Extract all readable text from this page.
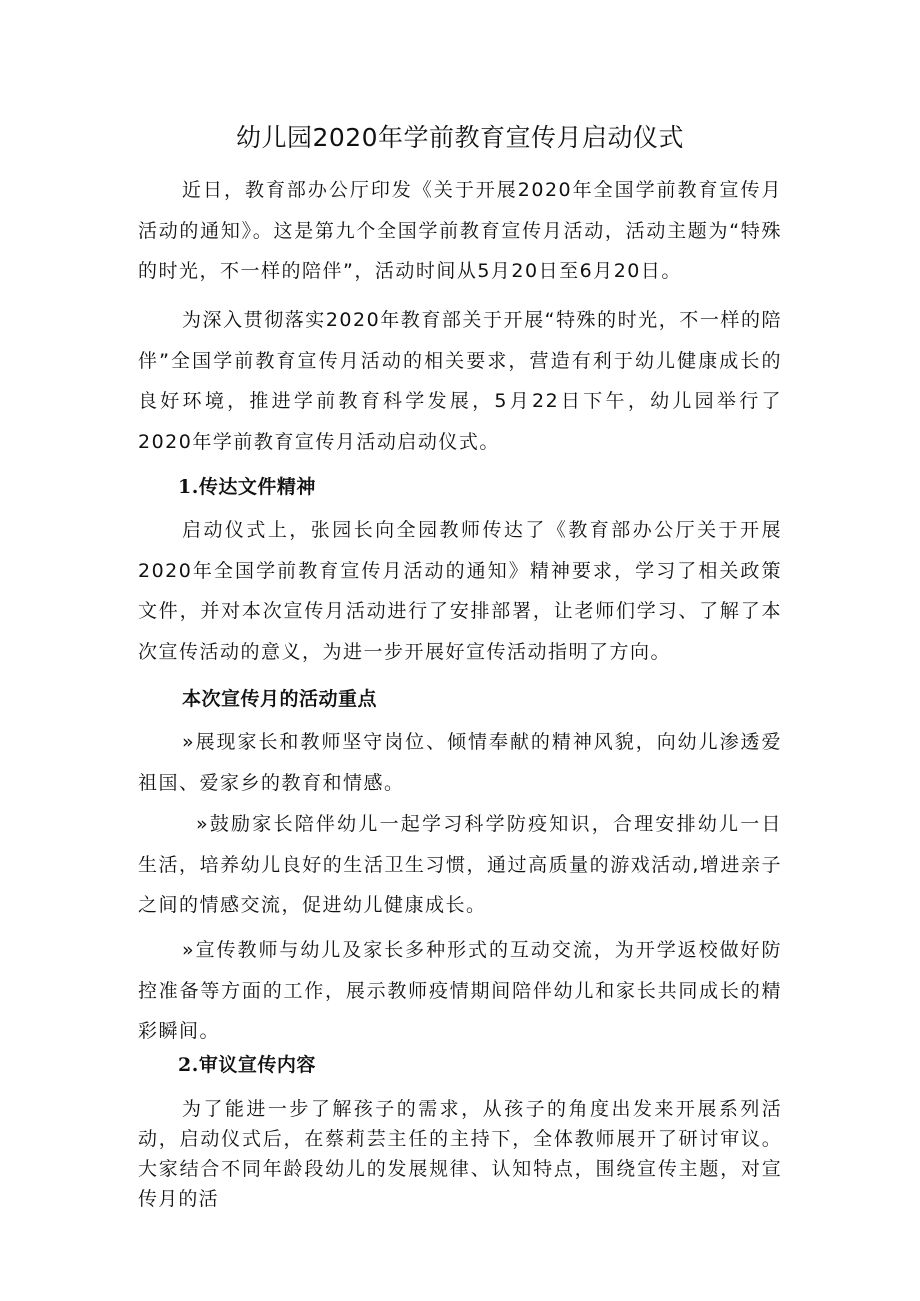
幼儿园2020年学前教育宣传月启动仪式
近日，教育部办公厅印发《关于开展2020年全国学前教育宣传月活动的通知》。这是第九个全国学前教育宣传月活动，活动主题为“特殊的时光，不一样的陪伴”，活动时间从5月20日至6月20日。
为深入贯彻落实2020年教育部关于开展“特殊的时光，不一样的陪伴”全国学前教育宣传月活动的相关要求，营造有利于幼儿健康成长的良好环境，推进学前教育科学发展，5月22日下午，幼儿园举行了2020年学前教育宣传月活动启动仪式。
1.传达文件精神
启动仪式上，张园长向全园教师传达了《教育部办公厅关于开展2020年全国学前教育宣传月活动的通知》精神要求，学习了相关政策文件，并对本次宣传月活动进行了安排部署，让老师们学习、了解了本次宣传活动的意义，为进一步开展好宣传活动指明了方向。
本次宣传月的活动重点
»展现家长和教师坚守岗位、倾情奉献的精神风貌，向幼儿渗透爱祖国、爱家乡的教育和情感。
»鼓励家长陪伴幼儿一起学习科学防疫知识，合理安排幼儿一日生活，培养幼儿良好的生活卫生习惯，通过高质量的游戏活动,增进亲子之间的情感交流，促进幼儿健康成长。
»宣传教师与幼儿及家长多种形式的互动交流，为开学返校做好防控准备等方面的工作，展示教师疫情期间陪伴幼儿和家长共同成长的精彩瞬间。
2.审议宣传内容
为了能进一步了解孩子的需求，从孩子的角度出发来开展系列活动，启动仪式后，在蔡莉芸主任的主持下，全体教师展开了研讨审议。大家结合不同年龄段幼儿的发展规律、认知特点，围绕宣传主题，对宣传月的活
